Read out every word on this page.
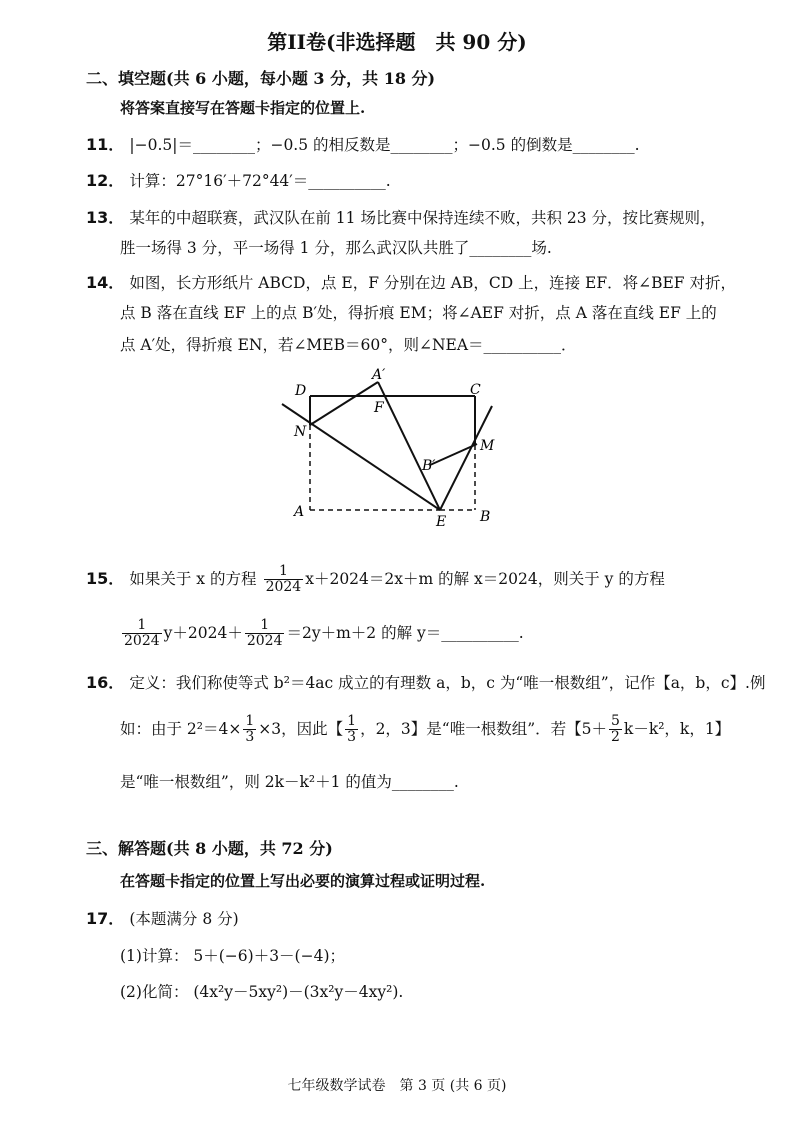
第II卷(非选择题　共 90 分)
二、填空题(共 6 小题，每小题 3 分，共 18 分)
将答案直接写在答题卡指定的位置上.
11． |−0.5|＝________；−0.5 的相反数是________；−0.5 的倒数是________.
12． 计算：27°16′＋72°44′＝__________.
13． 某年的中超联赛，武汉队在前 11 场比赛中保持连续不败，共积 23 分，按比赛规则，
胜一场得 3 分，平一场得 1 分，那么武汉队共胜了________场.
14． 如图，长方形纸片 ABCD，点 E，F 分别在边 AB，CD 上，连接 EF．将∠BEF 对折，
点 B 落在直线 EF 上的点 B′处，得折痕 EM；将∠AEF 对折，点 A 落在直线 EF 上的
点 A′处，得折痕 EN，若∠MEB＝60°，则∠NEA＝__________．
D
A′
C
F
N
M
B′
A
E B
15． 如果关于 x 的方程 $\frac{1}{2024} x+2024=2x+m$ 的解 x＝2024，则关于 y 的方程
$\frac{1}{2024} y+2024+ \frac{1}{2024} =2y+m+2$ 的解 y＝__________.
16． 定义：我们称使等式 b²＝4ac 成立的有理数 a，b，c 为“唯一根数组”，记作【a，b，c】.例
如：由于 $2^2=4\times \frac{1}{3} \times 3$，因此【 $\frac{1}{3}$ ，2，3】是“唯一根数组”．若【$5+ \frac{5}{2} k-k^2$，k，1】
是“唯一根数组”，则 2k－k²＋1 的值为________.
三、解答题(共 8 小题，共 72 分)
在答题卡指定的位置上写出必要的演算过程或证明过程.
17． (本题满分 8 分)
(1)计算： 5＋(−6)＋3－(−4)；
(2)化简： (4x²y－5xy²)－(3x²y－4xy²).
七年级数学试卷　第 3 页 (共 6 页)
